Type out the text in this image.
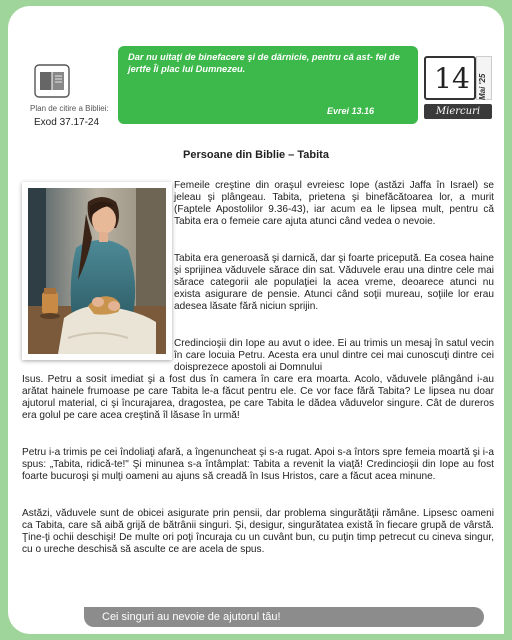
Plan de citire a Bibliei:
Exod 37.17-24
Dar nu uitaţi de binefacere şi de dărnicie, pentru că ast- fel de jertfe Îi plac lui Dumnezeu.
Evrei 13.16
14	Mai '25
Miercuri
Persoane din Biblie – Tabita
Femeile creştine din oraşul evreiesc Iope (astăzi Jaffa în Israel) se jeleau şi plângeau. Tabita, prietena şi binefăcătoarea lor, a murit (Faptele Apostolilor 9.36-43), iar acum ea le lipsea mult, pentru că Tabita era o femeie care ajuta atunci când vedea o nevoie.
Tabita era generoasă şi darnică, dar şi foarte pricepută. Ea cosea haine şi sprijinea văduvele sărace din sat. Văduvele erau una dintre cele mai sărace categorii ale populaţiei la acea vreme, deoarece atunci nu exista asigurare de pensie. Atunci când soţii mureau, soţiile lor erau adesea lăsate fără niciun sprijin.
Credincioşii din Iope au avut o idee. Ei au trimis un mesaj în satul vecin în care locuia Petru. Acesta era unul dintre cei mai cunoscuţi dintre cei doisprezece apostoli ai Domnului
Isus. Petru a sosit imediat şi a fost dus în camera în care era moarta. Acolo, văduvele plângând i-au arătat hainele frumoase pe care Tabita le-a făcut pentru ele. Ce vor face fără Tabita? Le lipsea nu doar ajutorul material, ci şi încurajarea, dragostea, pe care Tabita le dădea văduvelor singure. Cât de dureros era golul pe care acea creştină îl lăsase în urmă!
Petru i-a trimis pe cei îndoliaţi afară, a îngenuncheat şi s-a rugat. Apoi s-a întors spre femeia moartă şi i-a spus: „Tabita, ridică-te!" Şi minunea s-a întâmplat: Tabita a revenit la viaţă! Credincioşii din Iope au fost foarte bucuroşi şi mulţi oameni au ajuns să creadă în Isus Hristos, care a făcut acea minune.
Astăzi, văduvele sunt de obicei asigurate prin pensii, dar problema singurătăţii rămâne. Lipsesc oameni ca Tabita, care să aibă grijă de bătrânii singuri. Şi, desigur, singurătatea există în fiecare grupă de vârstă. Ţine-ţi ochii deschişi! De multe ori poţi încuraja cu un cuvânt bun, cu puţin timp petrecut cu cineva singur, cu o ureche deschisă să asculte ce are acela de spus.
Cei singuri au nevoie de ajutorul tău!
